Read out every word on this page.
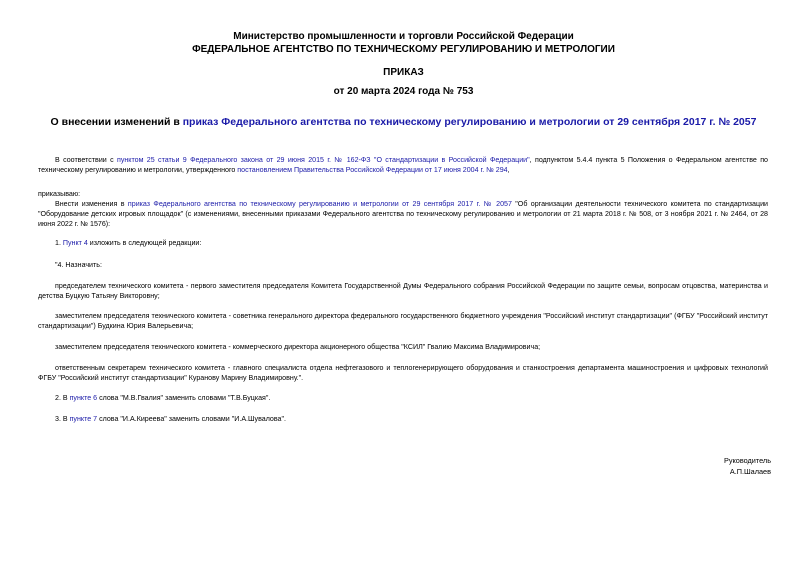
Министерство промышленности и торговли Российской Федерации
ФЕДЕРАЛЬНОЕ АГЕНТСТВО ПО ТЕХНИЧЕСКОМУ РЕГУЛИРОВАНИЮ И МЕТРОЛОГИИ
ПРИКАЗ
от 20 марта 2024 года № 753
О внесении изменений в приказ Федерального агентства по техническому регулированию и метрологии от 29 сентября 2017 г. № 2057
В соответствии с пунктом 25 статьи 9 Федерального закона от 29 июня 2015 г. № 162-ФЗ "О стандартизации в Российской Федерации", подпунктом 5.4.4 пункта 5 Положения о Федеральном агентстве по техническому регулированию и метрологии, утвержденного постановлением Правительства Российской Федерации от 17 июня 2004 г. № 294,
приказываю:
Внести изменения в приказ Федерального агентства по техническому регулированию и метрологии от 29 сентября 2017 г. № 2057 "Об организации деятельности технического комитета по стандартизации "Оборудование детских игровых площадок" (с изменениями, внесенными приказами Федерального агентства по техническому регулированию и метрологии от 21 марта 2018 г. № 508, от 3 ноября 2021 г. № 2464, от 28 июня 2022 г. № 1576):
1. Пункт 4 изложить в следующей редакции:
"4. Назначить:
председателем технического комитета - первого заместителя председателя Комитета Государственной Думы Федерального собрания Российской Федерации по защите семьи, вопросам отцовства, материнства и детства Буцкую Татьяну Викторовну;
заместителем председателя технического комитета - советника генерального директора федерального государственного бюджетного учреждения "Российский институт стандартизации" (ФГБУ "Российский институт стандартизации") Будкина Юрия Валерьевича;
заместителем председателя технического комитета - коммерческого директора акционерного общества "КСИЛ" Гвалию Максима Владимировича;
ответственным секретарем технического комитета - главного специалиста отдела нефтегазового и теплогенерирующего оборудования и станкостроения департамента машиностроения и цифровых технологий ФГБУ "Российский институт стандартизации" Куранову Марину Владимировну.".
2. В пункте 6 слова "М.В.Гвалия" заменить словами "Т.В.Буцкая".
3. В пункте 7 слова "И.А.Киреева" заменить словами "И.А.Шувалова".
Руководитель
А.П.Шалаев
